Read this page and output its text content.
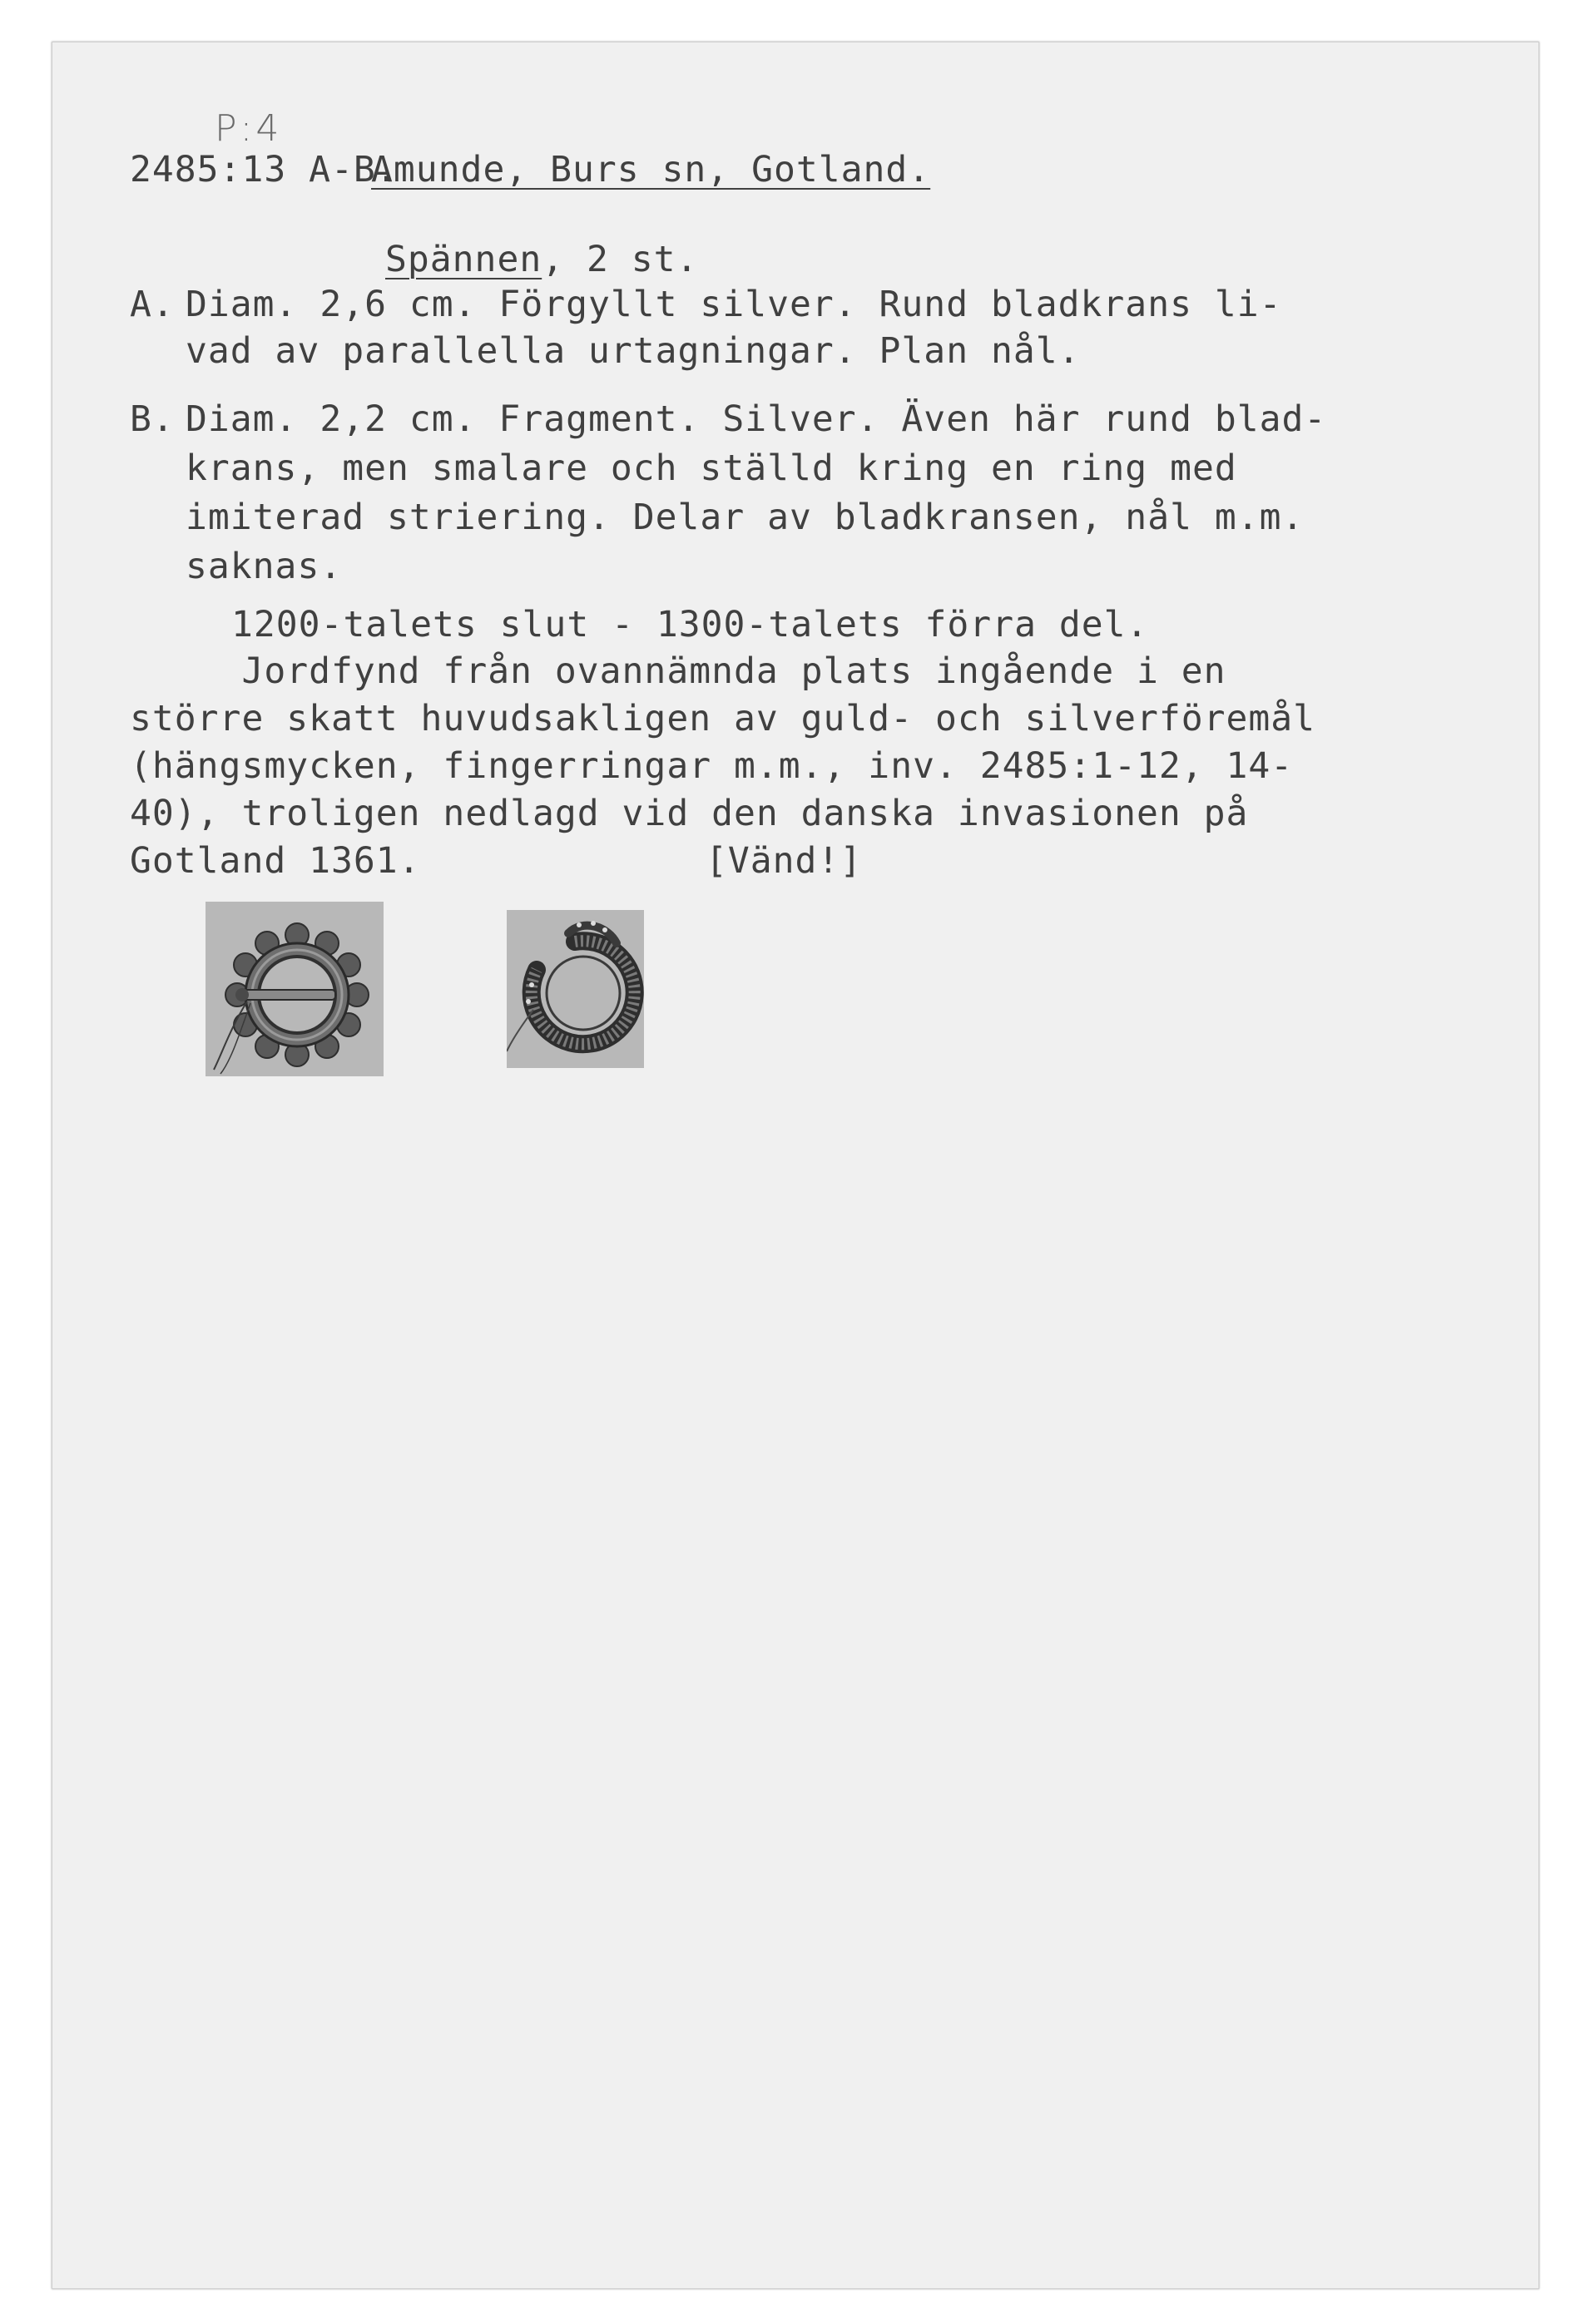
P:4
2485:13 A-B.
Amunde, Burs sn, Gotland.
Spännen, 2 st.
A. Diam. 2,6 cm. Förgyllt silver. Rund bladkrans li-
vad av parallella urtagningar. Plan nål.
B. Diam. 2,2 cm. Fragment. Silver. Även här rund blad-
krans, men smalare och ställd kring en ring med
imiterad striering. Delar av bladkransen, nål m.m.
saknas.
1200-talets slut - 1300-talets förra del.
Jordfynd från ovannämnda plats ingående i en
större skatt huvudsakligen av guld- och silverföremål
(hängsmycken, fingerringar m.m., inv. 2485:1-12, 14-
40), troligen nedlagd vid den danska invasionen på
Gotland 1361.	[Vänd!]
